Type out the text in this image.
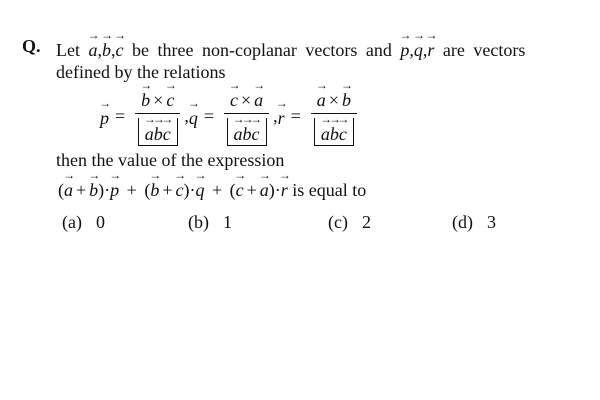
Q. Let → a,→ b,→ c be three non-coplanar vectors and → p,→ q,→ r are vectors
defined by the relations
→ p = → b × → c
→ a→ b→ c , → q = → c × → a
→ a→ b→ c , → r = → a × → b
→ a→ b→ c
then the value of the expression
(→ a + → b)·→ p + (→ b + → c)·→ q + (→ c + → a)·→ r is equal to
(a) 0	(b) 1	(c) 2	(d) 3
